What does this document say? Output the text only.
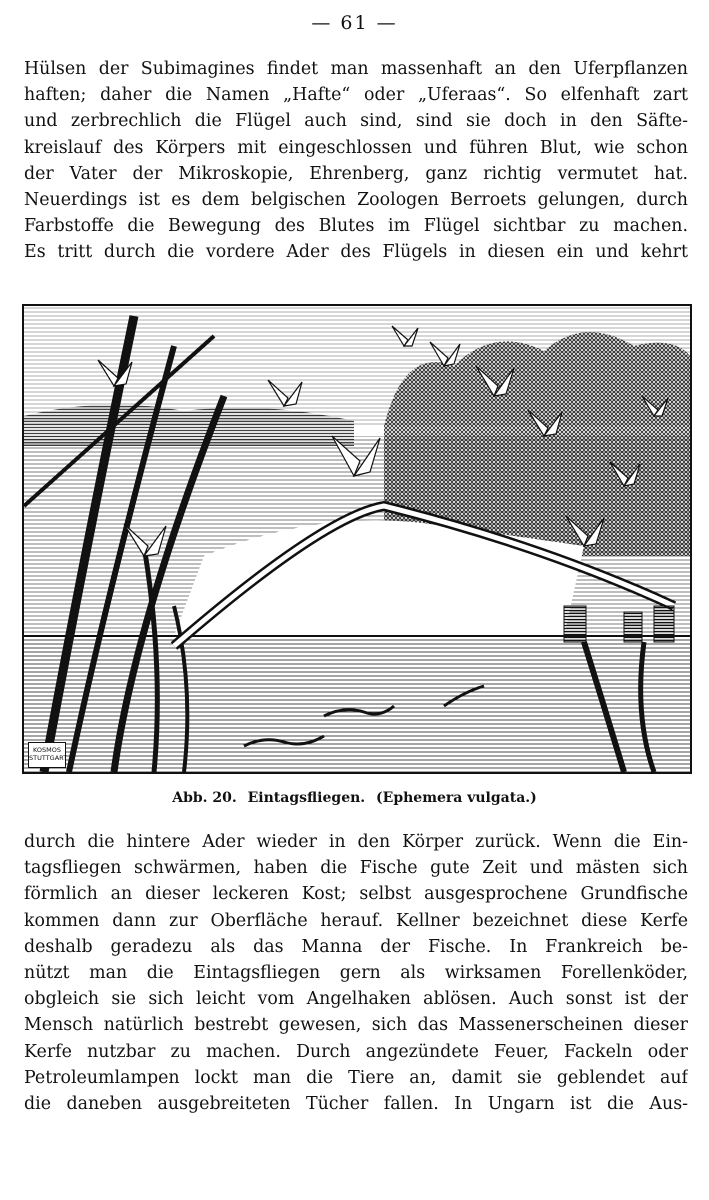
— 61 —
Hülsen der Subimagines findet man massenhaft an den Uferpflanzen
haften; daher die Namen „Hafte“ oder „Uferaas“. So elfenhaft zart
und zerbrechlich die Flügel auch sind, sind sie doch in den Säfte-
kreislauf des Körpers mit eingeschlossen und führen Blut, wie schon
der Vater der Mikroskopie, Ehrenberg, ganz richtig vermutet hat.
Neuerdings ist es dem belgischen Zoologen Berroets gelungen, durch
Farbstoffe die Bewegung des Blutes im Flügel sichtbar zu machen.
Es tritt durch die vordere Ader des Flügels in diesen ein und kehrt
KOSMOS
STUTTGART
Abb. 20. Eintagsfliegen. (Ephemera vulgata.)
durch die hintere Ader wieder in den Körper zurück. Wenn die Ein-
tagsfliegen schwärmen, haben die Fische gute Zeit und mästen sich
förmlich an dieser leckeren Kost; selbst ausgesprochene Grundfische
kommen dann zur Oberfläche herauf. Kellner bezeichnet diese Kerfe
deshalb geradezu als das Manna der Fische. In Frankreich be-
nützt man die Eintagsfliegen gern als wirksamen Forellenköder,
obgleich sie sich leicht vom Angelhaken ablösen. Auch sonst ist der
Mensch natürlich bestrebt gewesen, sich das Massenerscheinen dieser
Kerfe nutzbar zu machen. Durch angezündete Feuer, Fackeln oder
Petroleumlampen lockt man die Tiere an, damit sie geblendet auf
die daneben ausgebreiteten Tücher fallen. In Ungarn ist die Aus-
